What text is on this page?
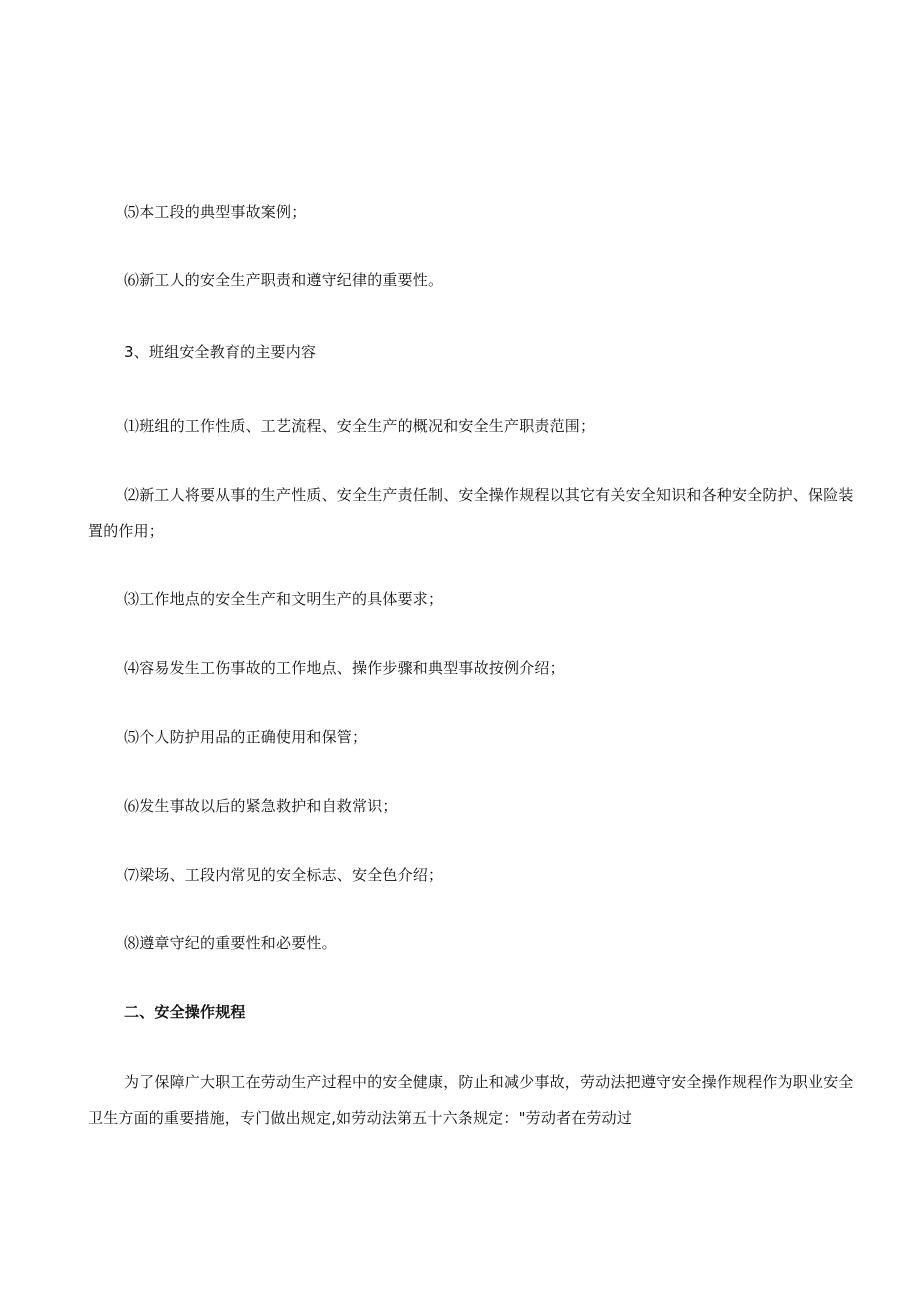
⑸本工段的典型事故案例；

⑹新工人的安全生产职责和遵守纪律的重要性。

3、班组安全教育的主要内容

⑴班组的工作性质、工艺流程、安全生产的概况和安全生产职责范围；

⑵新工人将要从事的生产性质、安全生产责任制、安全操作规程以其它有关安全知识和各种安全防护、保险装置的作用；

⑶工作地点的安全生产和文明生产的具体要求；

⑷容易发生工伤事故的工作地点、操作步骤和典型事故按例介绍；

⑸个人防护用品的正确使用和保管；

⑹发生事故以后的紧急救护和自救常识；

⑺梁场、工段内常见的安全标志、安全色介绍；

⑻遵章守纪的重要性和必要性。

二、安全操作规程

为了保障广大职工在劳动生产过程中的安全健康，防止和减少事故，劳动法把遵守安全操作规程作为职业安全卫生方面的重要措施，专门做出规定,如劳动法第五十六条规定："劳动者在劳动过
